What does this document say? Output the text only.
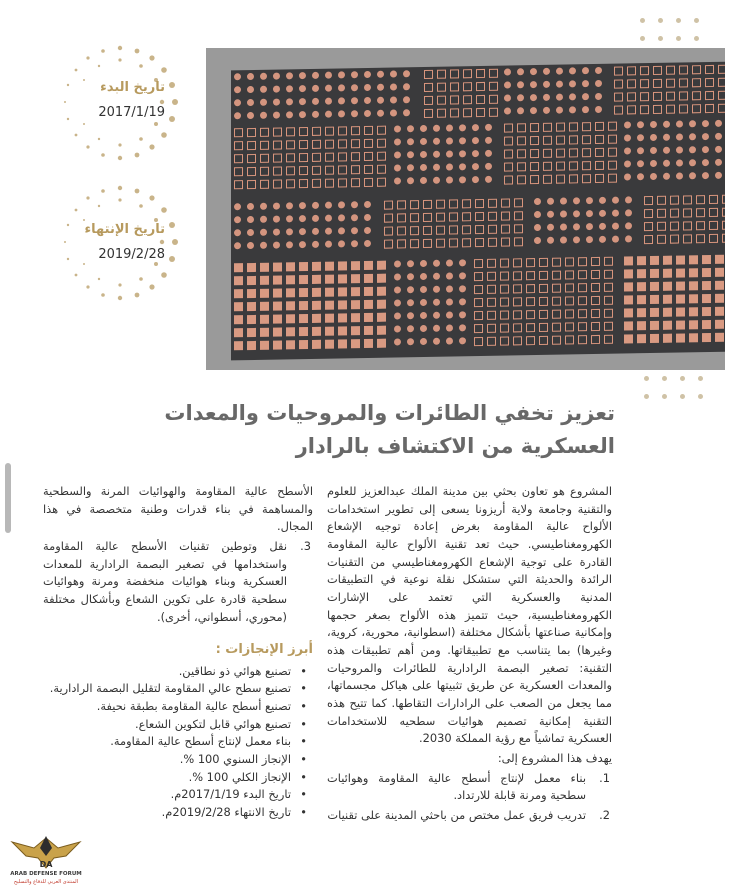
تاريخ البدء
2017/1/19
تاريخ الإنتهاء
2019/2/28
تعزيز تخفي الطائرات والمروحيات والمعدات العسكرية من الاكتشاف بالرادار

المشروع هو تعاون بحثي بين مدينة الملك عبدالعزيز للعلوم والتقنية وجامعة ولاية أريزونا يسعى إلى تطوير استخدامات الألواح عالية المقاومة بغرض إعادة توجيه الإشعاع الكهرومغناطيسي. حيث تعد تقنية الألواح عالية المقاومة القادرة على توجية الإشعاع الكهرومغناطيسي من التقنيات الرائدة والحديثة التي ستشكل نقلة نوعية في التطبيقات المدنية والعسكرية التي تعتمد على الإشارات الكهرومغناطيسية، حيث تتميز هذه الألواح بصغر حجمها وإمكانية صناعتها بأشكال مختلفة (اسطوانية، محورية، كروية، وغيرها) بما يتناسب مع تطبيقاتها. ومن أهم تطبيقات هذه التقنية: تصغير البصمة الرادارية للطائرات والمروحيات والمعدات العسكرية عن طريق تثبيتها على هياكل مجسماتها، مما يجعل من الصعب على الرادارات التقاطها. كما تتيح هذه التقنية إمكانية تصميم هوائيات سطحيه للاستخدامات العسكرية تماشياً مع رؤية المملكة 2030.

يهدف هذا المشروع إلى:

1.
بناء معمل لإنتاج أسطح عالية المقاومة وهوائيات سطحية ومرنة قابلة للارتداد.
2.
تدريب فريق عمل مختص من باحثي المدينة على تقنيات

الأسطح عالية المقاومة والهوائيات المرنة والسطحية والمساهمة في بناء قدرات وطنية متخصصة في هذا المجال.

3.
نقل وتوطين تقنيات الأسطح عالية المقاومة واستخدامها في تصغير البصمة الرادارية للمعدات العسكرية وبناء هوائيات منخفضة ومرنة وهوائيات سطحية قادرة على تكوين الشعاع وبأشكال مختلفة (محوري، أسطواني، أخرى).
أبرز الإنجازات :
• تصنيع هوائي ذو نطاقين.
• تصنيع سطح عالي المقاومة لتقليل البصمة الرادارية.
• تصنيع أسطح عالية المقاومة بطبقة نحيفة.
• تصنيع هوائي قابل لتكوين الشعاع.
• بناء معمل لإنتاج أسطح عالية المقاومة.
• الإنجاز السنوي 100 %.
• الإنجاز الكلي 100 %.
• تاريخ البدء 2017/1/19م.
• تاريخ الانتهاء 2019/2/28م.
DA
ARAB DEFENSE FORUM
المنتدى العربي للدفاع والتسليح
